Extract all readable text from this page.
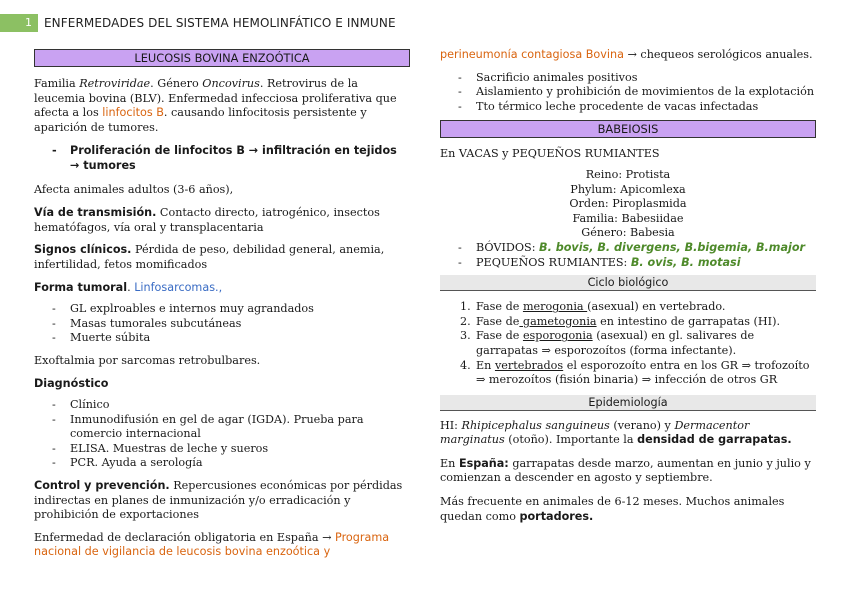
1	ENFERMEDADES DEL SISTEMA HEMOLINFÁTICO E INMUNE
LEUCOSIS BOVINA ENZOÓTICA

Familia Retroviridae. Género Oncovirus. Retrovirus de la leucemia bovina (BLV). Enfermedad infecciosa proliferativa que afecta a los linfocitos B. causando linfocitosis persistente y aparición de tumores.

- Proliferación de linfocitos B → infiltración en tejidos → tumores

Afecta animales adultos (3-6 años),

Vía de transmisión. Contacto directo, iatrogénico, insectos hematófagos, vía oral y transplacentaria

Signos clínicos. Pérdida de peso, debilidad general, anemia, infertilidad, fetos momificados

Forma tumoral. Linfosarcomas.,

- GL explroables e internos muy agrandados
- Masas tumorales subcutáneas
- Muerte súbita

Exoftalmia por sarcomas retrobulbares.

Diagnóstico

- Clínico
- Inmunodifusión en gel de agar (IGDA). Prueba para comercio internacional
- ELISA. Muestras de leche y sueros
- PCR. Ayuda a serología

Control y prevención. Repercusiones económicas por pérdidas indirectas en planes de inmunización y/o erradicación y prohibición de exportaciones

Enfermedad de declaración obligatoria en España → Programa nacional de vigilancia de leucosis bovina enzoótica y

perineumonía contagiosa Bovina → chequeos serológicos anuales.

- Sacrificio animales positivos
- Aislamiento y prohibición de movimientos de la explotación
- Tto térmico leche procedente de vacas infectadas
BABEIOSIS

En VACAS y PEQUEÑOS RUMIANTES

Reino: Protista

Phylum: Apicomlexa

Orden: Piroplasmida

Familia: Babesiidae

Género: Babesia

- BÓVIDOS: B. bovis, B. divergens, B.bigemia, B.major
- PEQUEÑOS RUMIANTES: B. ovis, B. motasi
Ciclo biológico
1. Fase de merogonia (asexual) en vertebrado.
2. Fase de gametogonia en intestino de garrapatas (HI).
3. Fase de esporogonia (asexual) en gl. salivares de garrapatas ⇒ esporozoítos (forma infectante).
4. En vertebrados el esporozoíto entra en los GR ⇒ trofozoíto ⇒ merozoítos (fisión binaria) ⇒ infección de otros GR
Epidemiología

HI: Rhipicephalus sanguineus (verano) y Dermacentor marginatus (otoño). Importante la densidad de garrapatas.

En España: garrapatas desde marzo, aumentan en junio y julio y comienzan a descender en agosto y septiembre.

Más frecuente en animales de 6-12 meses. Muchos animales quedan como portadores.
